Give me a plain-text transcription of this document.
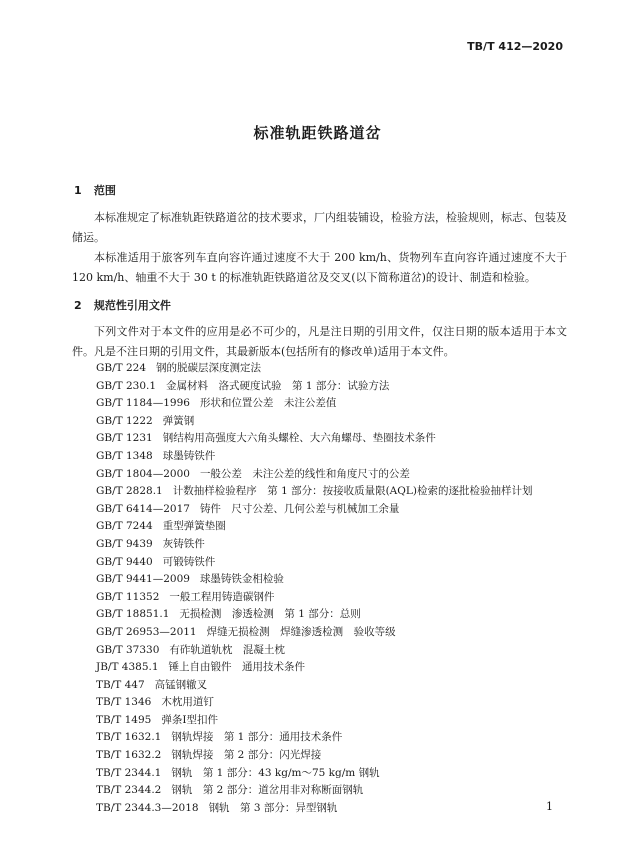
TB/T 412—2020
标准轨距铁路道岔
1 范围

本标准规定了标准轨距铁路道岔的技术要求，厂内组装铺设，检验方法，检验规则，标志、包装及储运。

本标准适用于旅客列车直向容许通过速度不大于 200 km/h、货物列车直向容许通过速度不大于 120 km/h、轴重不大于 30 t 的标准轨距铁路道岔及交叉(以下简称道岔)的设计、制造和检验。

2 规范性引用文件

下列文件对于本文件的应用是必不可少的，凡是注日期的引用文件，仅注日期的版本适用于本文件。凡是不注日期的引用文件，其最新版本(包括所有的修改单)适用于本文件。

GB/T 224 钢的脱碳层深度测定法
GB/T 230.1 金属材料　洛式硬度试验　第 1 部分：试验方法
GB/T 1184—1996 形状和位置公差　未注公差值
GB/T 1222 弹簧钢
GB/T 1231 钢结构用高强度大六角头螺栓、大六角螺母、垫圈技术条件
GB/T 1348 球墨铸铁件
GB/T 1804—2000 一般公差　未注公差的线性和角度尺寸的公差
GB/T 2828.1 计数抽样检验程序　第 1 部分：按接收质量限(AQL)检索的逐批检验抽样计划
GB/T 6414—2017 铸件　尺寸公差、几何公差与机械加工余量
GB/T 7244 重型弹簧垫圈
GB/T 9439 灰铸铁件
GB/T 9440 可锻铸铁件
GB/T 9441—2009 球墨铸铁金相检验
GB/T 11352 一般工程用铸造碳钢件
GB/T 18851.1 无损检测　渗透检测　第 1 部分：总则
GB/T 26953—2011 焊缝无损检测　焊缝渗透检测　验收等级
GB/T 37330 有砟轨道轨枕　混凝土枕
JB/T 4385.1 锤上自由锻件　通用技术条件
TB/T 447 高锰钢辙叉
TB/T 1346 木枕用道钉
TB/T 1495 弹条Ⅰ型扣件
TB/T 1632.1 钢轨焊接　第 1 部分：通用技术条件
TB/T 1632.2 钢轨焊接　第 2 部分：闪光焊接
TB/T 2344.1 钢轨　第 1 部分：43 kg/m～75 kg/m 钢轨
TB/T 2344.2 钢轨　第 2 部分：道岔用非对称断面钢轨
TB/T 2344.3—2018 钢轨　第 3 部分：异型钢轨	1
